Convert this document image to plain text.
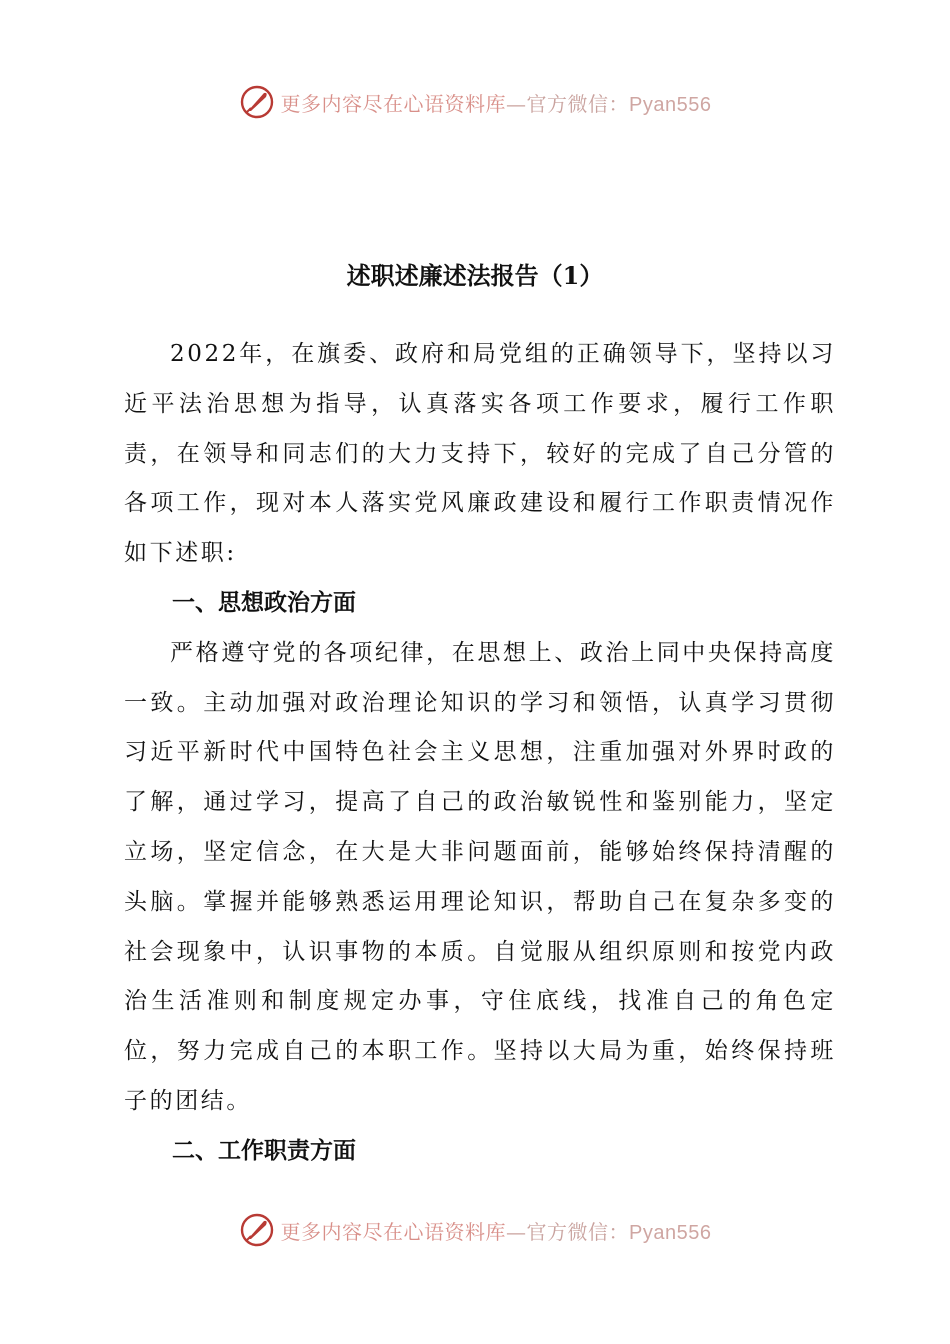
更多内容尽在心语资料库—官方微信：Pyan556
述职述廉述法报告（1）

2022年，在旗委、政府和局党组的正确领导下，坚持以习近平法治思想为指导，认真落实各项工作要求，履行工作职责，在领导和同志们的大力支持下，较好的完成了自己分管的各项工作，现对本人落实党风廉政建设和履行工作职责情况作如下述职:

一、思想政治方面

严格遵守党的各项纪律，在思想上、政治上同中央保持高度一致。主动加强对政治理论知识的学习和领悟，认真学习贯彻习近平新时代中国特色社会主义思想，注重加强对外界时政的了解，通过学习，提高了自己的政治敏锐性和鉴别能力，坚定立场，坚定信念，在大是大非问题面前，能够始终保持清醒的头脑。掌握并能够熟悉运用理论知识，帮助自己在复杂多变的社会现象中，认识事物的本质。自觉服从组织原则和按党内政治生活准则和制度规定办事，守住底线，找准自己的角色定位，努力完成自己的本职工作。坚持以大局为重，始终保持班子的团结。

二、工作职责方面
更多内容尽在心语资料库—官方微信：Pyan556
